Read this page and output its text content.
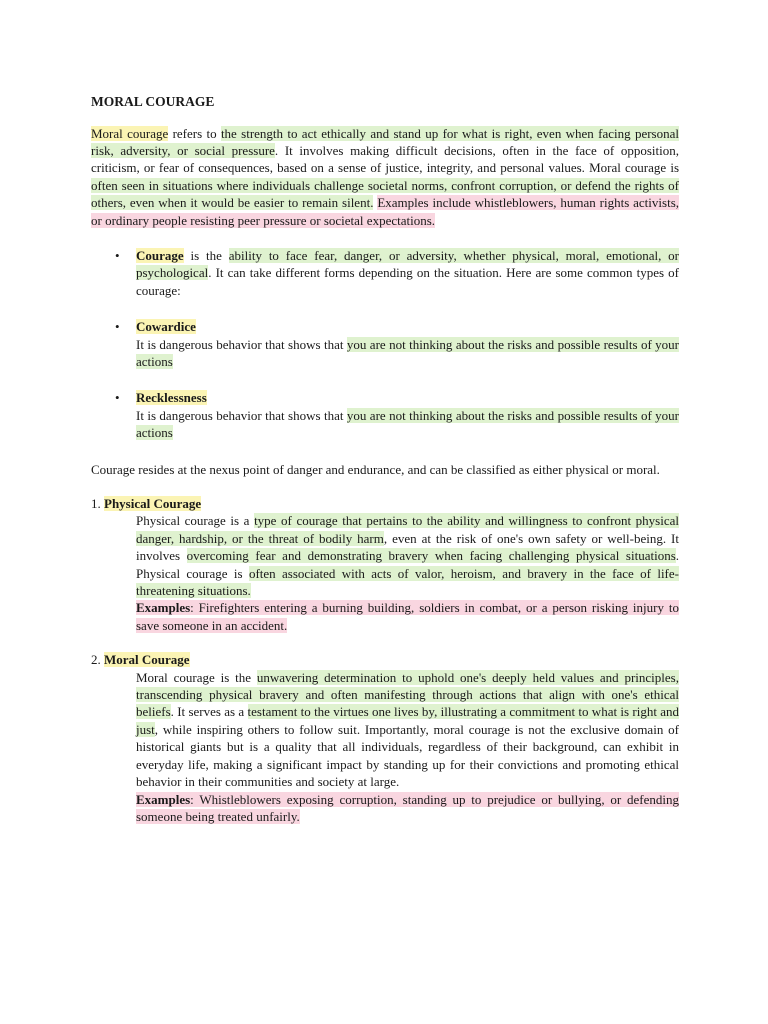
MORAL COURAGE

Moral courage refers to the strength to act ethically and stand up for what is right, even when facing personal risk, adversity, or social pressure. It involves making difficult decisions, often in the face of opposition, criticism, or fear of consequences, based on a sense of justice, integrity, and personal values. Moral courage is often seen in situations where individuals challenge societal norms, confront corruption, or defend the rights of others, even when it would be easier to remain silent. Examples include whistleblowers, human rights activists, or ordinary people resisting peer pressure or societal expectations.

• Courage is the ability to face fear, danger, or adversity, whether physical, moral, emotional, or psychological. It can take different forms depending on the situation. Here are some common types of courage:

• Cowardice

It is dangerous behavior that shows that you are not thinking about the risks and possible results of your actions

• Recklessness

It is dangerous behavior that shows that you are not thinking about the risks and possible results of your actions

Courage resides at the nexus point of danger and endurance, and can be classified as either physical or moral.

1. Physical Courage

Physical courage is a type of courage that pertains to the ability and willingness to confront physical danger, hardship, or the threat of bodily harm, even at the risk of one's own safety or well-being. It involves overcoming fear and demonstrating bravery when facing challenging physical situations. Physical courage is often associated with acts of valor, heroism, and bravery in the face of life-threatening situations.

Examples: Firefighters entering a burning building, soldiers in combat, or a person risking injury to save someone in an accident.

2. Moral Courage

Moral courage is the unwavering determination to uphold one's deeply held values and principles, transcending physical bravery and often manifesting through actions that align with one's ethical beliefs. It serves as a testament to the virtues one lives by, illustrating a commitment to what is right and just, while inspiring others to follow suit. Importantly, moral courage is not the exclusive domain of historical giants but is a quality that all individuals, regardless of their background, can exhibit in everyday life, making a significant impact by standing up for their convictions and promoting ethical behavior in their communities and society at large.

Examples: Whistleblowers exposing corruption, standing up to prejudice or bullying, or defending someone being treated unfairly.
